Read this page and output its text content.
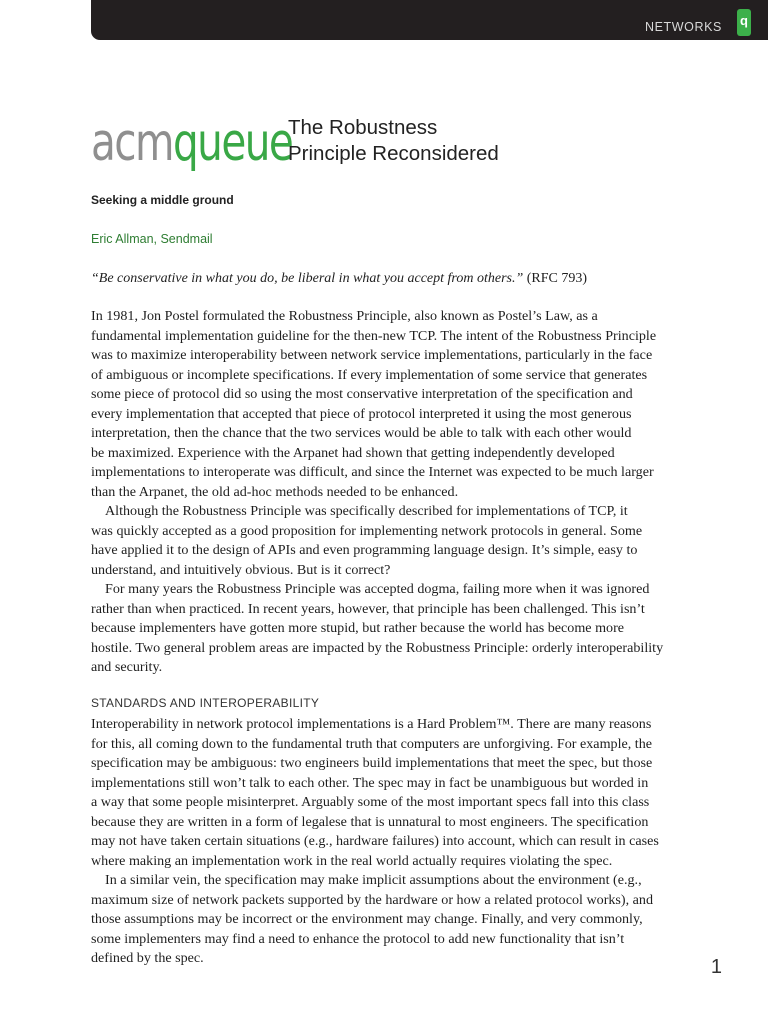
NETWORKS q
acmqueue
The Robustness
Principle Reconsidered
Seeking a middle ground
Eric Allman, Sendmail
“Be conservative in what you do, be liberal in what you accept from others.” (RFC 793)

In 1981, Jon Postel formulated the Robustness Principle, also known as Postel’s Law, as a
fundamental implementation guideline for the then-new TCP. The intent of the Robustness Principle
was to maximize interoperability between network service implementations, particularly in the face
of ambiguous or incomplete specifications. If every implementation of some service that generates
some piece of protocol did so using the most conservative interpretation of the specification and
every implementation that accepted that piece of protocol interpreted it using the most generous
interpretation, then the chance that the two services would be able to talk with each other would
be maximized. Experience with the Arpanet had shown that getting independently developed
implementations to interoperate was difficult, and since the Internet was expected to be much larger
than the Arpanet, the old ad-hoc methods needed to be enhanced.

Although the Robustness Principle was specifically described for implementations of TCP, it
was quickly accepted as a good proposition for implementing network protocols in general. Some
have applied it to the design of APIs and even programming language design. It’s simple, easy to
understand, and intuitively obvious. But is it correct?

For many years the Robustness Principle was accepted dogma, failing more when it was ignored
rather than when practiced. In recent years, however, that principle has been challenged. This isn’t
because implementers have gotten more stupid, but rather because the world has become more
hostile. Two general problem areas are impacted by the Robustness Principle: orderly interoperability
and security.

STANDARDS AND INTEROPERABILITY

Interoperability in network protocol implementations is a Hard Problem™. There are many reasons
for this, all coming down to the fundamental truth that computers are unforgiving. For example, the
specification may be ambiguous: two engineers build implementations that meet the spec, but those
implementations still won’t talk to each other. The spec may in fact be unambiguous but worded in
a way that some people misinterpret. Arguably some of the most important specs fall into this class
because they are written in a form of legalese that is unnatural to most engineers. The specification
may not have taken certain situations (e.g., hardware failures) into account, which can result in cases
where making an implementation work in the real world actually requires violating the spec.

In a similar vein, the specification may make implicit assumptions about the environment (e.g.,
maximum size of network packets supported by the hardware or how a related protocol works), and
those assumptions may be incorrect or the environment may change. Finally, and very commonly,
some implementers may find a need to enhance the protocol to add new functionality that isn’t
defined by the spec.	1
